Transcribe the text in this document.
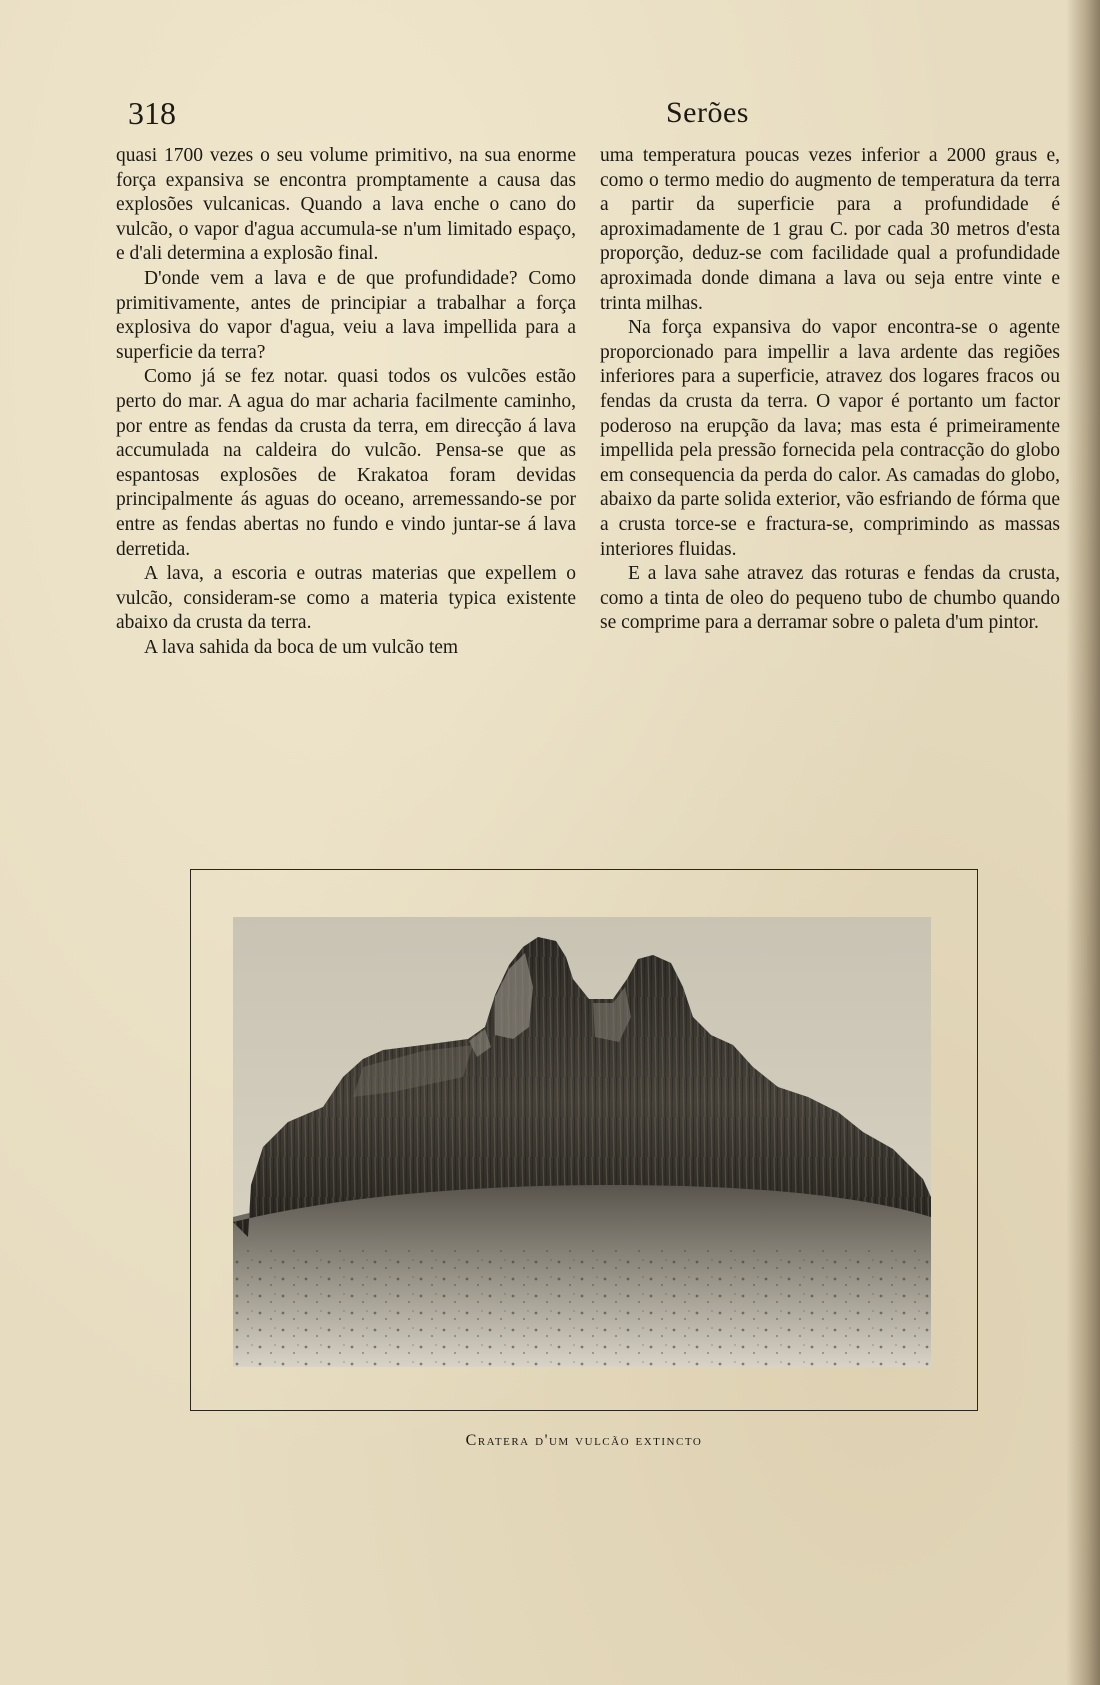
318	Serões

quasi 1700 vezes o seu volume primitivo, na sua enorme força expansiva se encontra promptamente a causa das explosões vulcanicas. Quando a lava enche o cano do vulcão, o vapor d'agua accumula-se n'um limitado espaço, e d'ali determina a explosão final.

D'onde vem a lava e de que profundidade? Como primitivamente, antes de principiar a trabalhar a força explosiva do vapor d'agua, veiu a lava impellida para a superficie da terra?

Como já se fez notar. quasi todos os vulcões estão perto do mar. A agua do mar acharia facilmente caminho, por entre as fendas da crusta da terra, em direcção á lava accumulada na caldeira do vulcão. Pensa-se que as espantosas explosões de Krakatoa foram devidas principalmente ás aguas do oceano, arremessando-se por entre as fendas abertas no fundo e vindo juntar-se á lava derretida.

A lava, a escoria e outras materias que expellem o vulcão, consideram-se como a materia typica existente abaixo da crusta da terra.

A lava sahida da boca de um vulcão tem

uma temperatura poucas vezes inferior a 2000 graus e, como o termo medio do augmento de temperatura da terra a partir da superficie para a profundidade é aproximadamente de 1 grau C. por cada 30 metros d'esta proporção, deduz-se com facilidade qual a profundidade aproximada donde dimana a lava ou seja entre vinte e trinta milhas.

Na força expansiva do vapor encontra-se o agente proporcionado para impellir a lava ardente das regiões inferiores para a superficie, atravez dos logares fracos ou fendas da crusta da terra. O vapor é portanto um factor poderoso na erupção da lava; mas esta é primeiramente impellida pela pressão fornecida pela contracção do globo em consequencia da perda do calor. As camadas do globo, abaixo da parte solida exterior, vão esfriando de fórma que a crusta torce-se e fractura-se, comprimindo as massas interiores fluidas.

E a lava sahe atravez das roturas e fendas da crusta, como a tinta de oleo do pequeno tubo de chumbo quando se comprime para a derramar sobre o paleta d'um pintor.

Cratera d'um vulcão extincto
